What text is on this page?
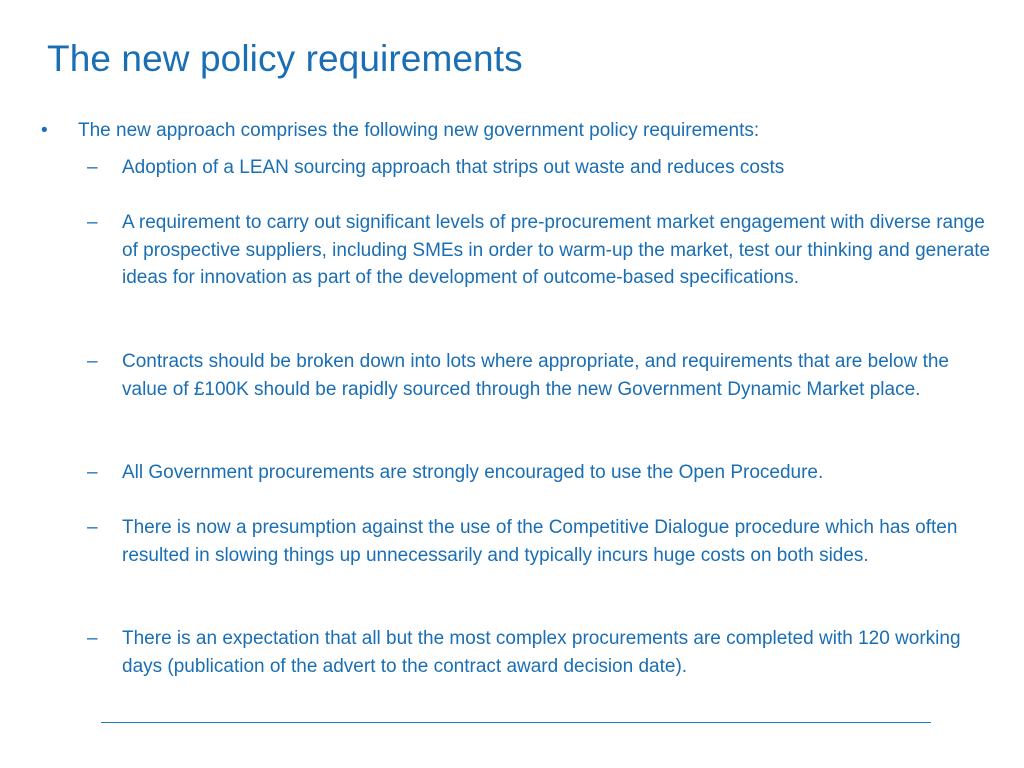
The new policy requirements
• The new approach comprises the following new government policy requirements:
– Adoption of a LEAN sourcing approach that strips out waste and reduces costs
– A requirement to carry out significant levels of pre-procurement market engagement with diverse range of prospective suppliers, including SMEs in order to warm-up the market, test our thinking and generate ideas for innovation as part of the development of outcome-based specifications.
– Contracts should be broken down into lots where appropriate, and requirements that are below the value of £100K should be rapidly sourced through the new Government Dynamic Market place.
– All Government procurements are strongly encouraged to use the Open Procedure.
– There is now a presumption against the use of the Competitive Dialogue procedure which has often resulted in slowing things up unnecessarily and typically incurs huge costs on both sides.
– There is an expectation that all but the most complex procurements are completed with 120 working days (publication of the advert to the contract award decision date).
